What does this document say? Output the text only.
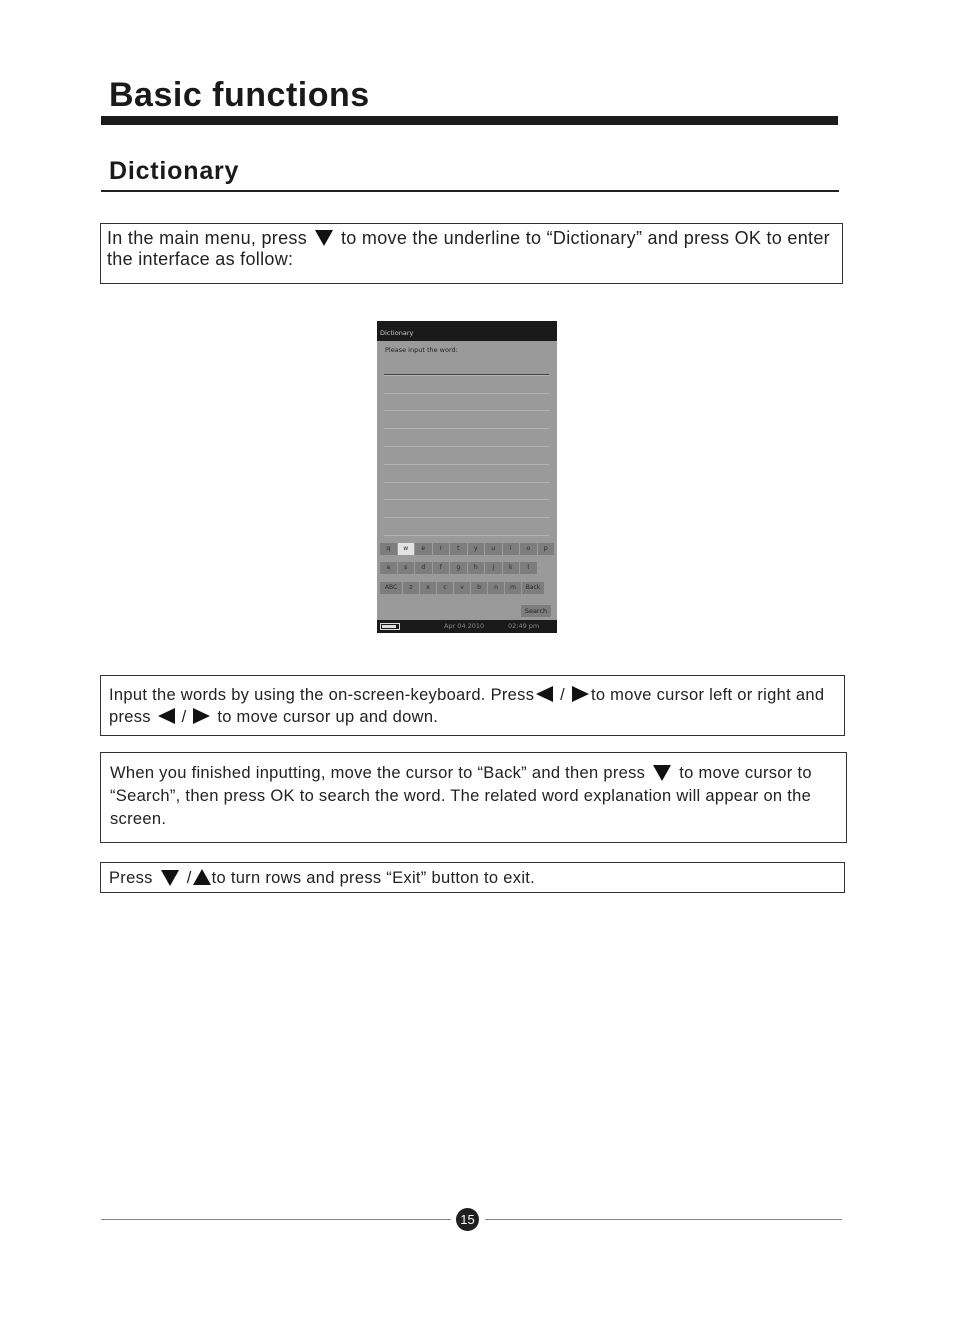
Basic functions
Dictionary
In the main menu, press to move the underline to “Dictionary” and press OK to enter the interface as follow:
Dictionary
Please input the word:
q	w	e	r	t	y	u	i	o	p
a	s	d	f	g	h	j	k	l
ABC	z	x	c	v	b	n	m	Back
Search
Apr 04 2010	02:49 pm
Input the words by using the on-screen-keyboard. Press / to move cursor left or right and press / to move cursor up and down.
When you finished inputting, move the cursor to “Back” and then press to move cursor to “Search”, then press OK to search the word. The related word explanation will appear on the screen.
Press / to turn rows and press “Exit” button to exit.
15
